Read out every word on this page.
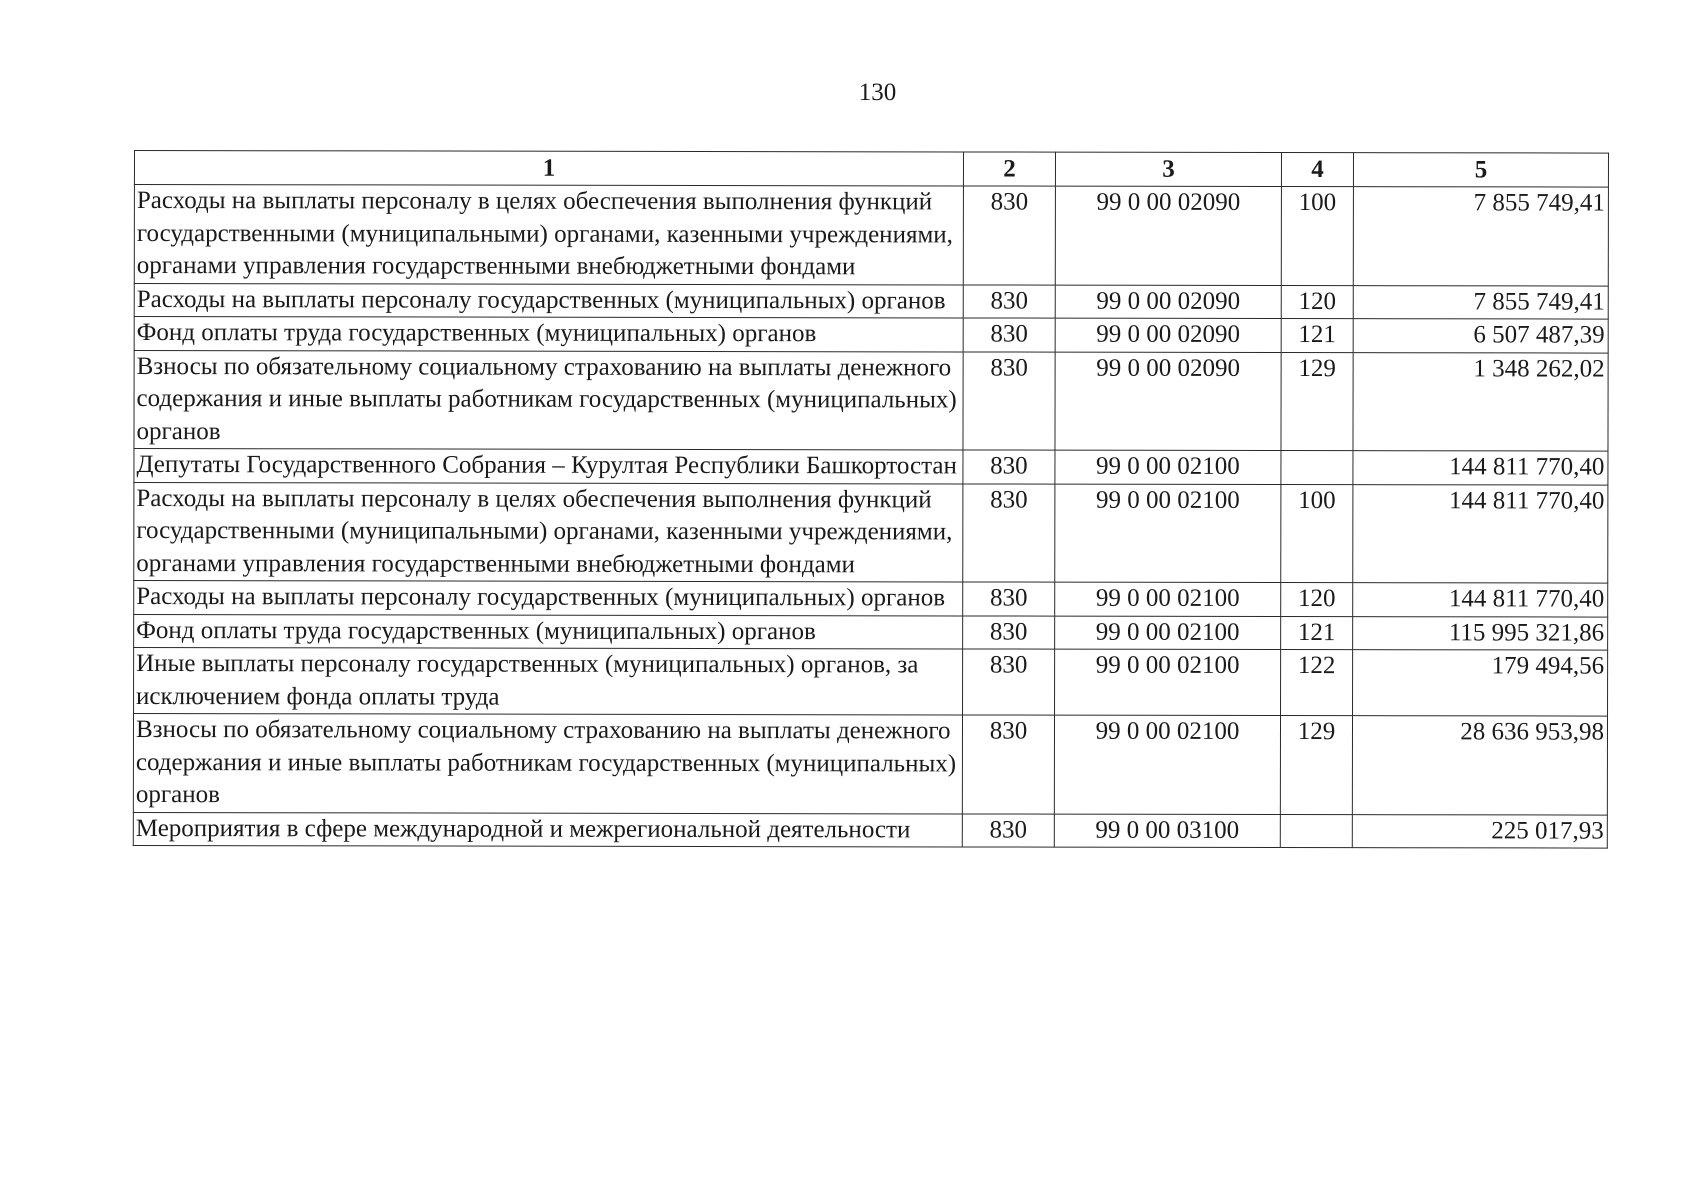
130
1	2	3	4	5
Расходы на выплаты персоналу в целях обеспечения выполнения функций государственными (муниципальными) органами, казенными учреждениями, органами управления государственными внебюджетными фондами	830	99 0 00 02090	100	7 855 749,41
Расходы на выплаты персоналу государственных (муниципальных) органов	830	99 0 00 02090	120	7 855 749,41
Фонд оплаты труда государственных (муниципальных) органов	830	99 0 00 02090	121	6 507 487,39
Взносы по обязательному социальному страхованию на выплаты денежного содержания и иные выплаты работникам государственных (муниципальных) органов	830	99 0 00 02090	129	1 348 262,02
Депутаты Государственного Собрания – Курултая Республики Башкортостан	830	99 0 00 02100		144 811 770,40
Расходы на выплаты персоналу в целях обеспечения выполнения функций государственными (муниципальными) органами, казенными учреждениями, органами управления государственными внебюджетными фондами	830	99 0 00 02100	100	144 811 770,40
Расходы на выплаты персоналу государственных (муниципальных) органов	830	99 0 00 02100	120	144 811 770,40
Фонд оплаты труда государственных (муниципальных) органов	830	99 0 00 02100	121	115 995 321,86
Иные выплаты персоналу государственных (муниципальных) органов, за исключением фонда оплаты труда	830	99 0 00 02100	122	179 494,56
Взносы по обязательному социальному страхованию на выплаты денежного содержания и иные выплаты работникам государственных (муниципальных) органов	830	99 0 00 02100	129	28 636 953,98
Мероприятия в сфере международной и межрегиональной деятельности	830	99 0 00 03100		225 017,93
